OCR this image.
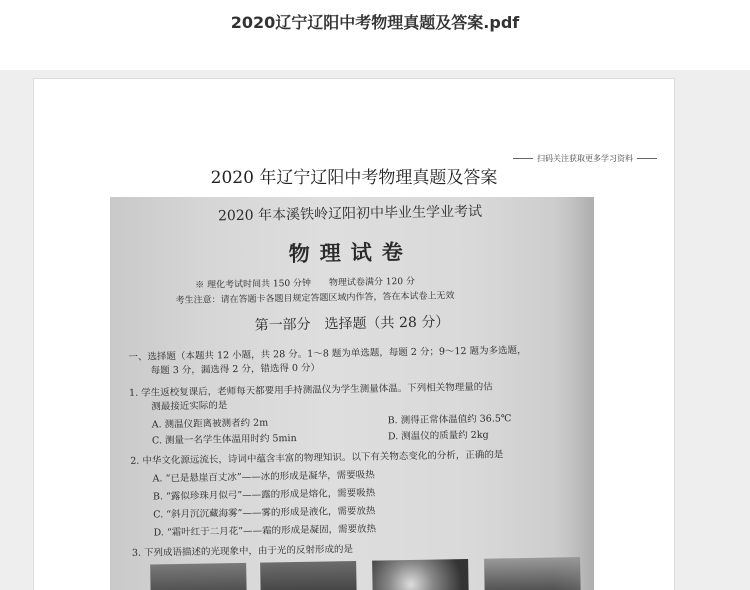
2020辽宁辽阳中考物理真题及答案.pdf
扫码关注获取更多学习资料
2020 年辽宁辽阳中考物理真题及答案
2020 年本溪铁岭辽阳初中毕业生学业考试
物理试卷
※ 理化考试时间共 150 分钟　　物理试卷满分 120 分
考生注意：请在答题卡各题目规定答题区域内作答，答在本试卷上无效
第一部分　选择题（共 28 分）
一、选择题（本题共 12 小题，共 28 分。1～8 题为单选题，每题 2 分；9～12 题为多选题，
每题 3 分，漏选得 2 分，错选得 0 分）
1. 学生返校复课后，老师每天都要用手持测温仪为学生测量体温。下列相关物理量的估
测最接近实际的是
A. 测温仪距离被测者约 2m	B. 测得正常体温值约 36.5℃
C. 测量一名学生体温用时约 5min	D. 测温仪的质量约 2kg
2. 中华文化源远流长，诗词中蕴含丰富的物理知识。以下有关物态变化的分析，正确的是
A. “已是悬崖百丈冰”——冰的形成是凝华，需要吸热
B. “露似珍珠月似弓”——露的形成是熔化，需要吸热
C. “斜月沉沉藏海雾”——雾的形成是液化，需要放热
D. “霜叶红于二月花”——霜的形成是凝固，需要放热
3. 下列成语描述的光现象中，由于光的反射形成的是
